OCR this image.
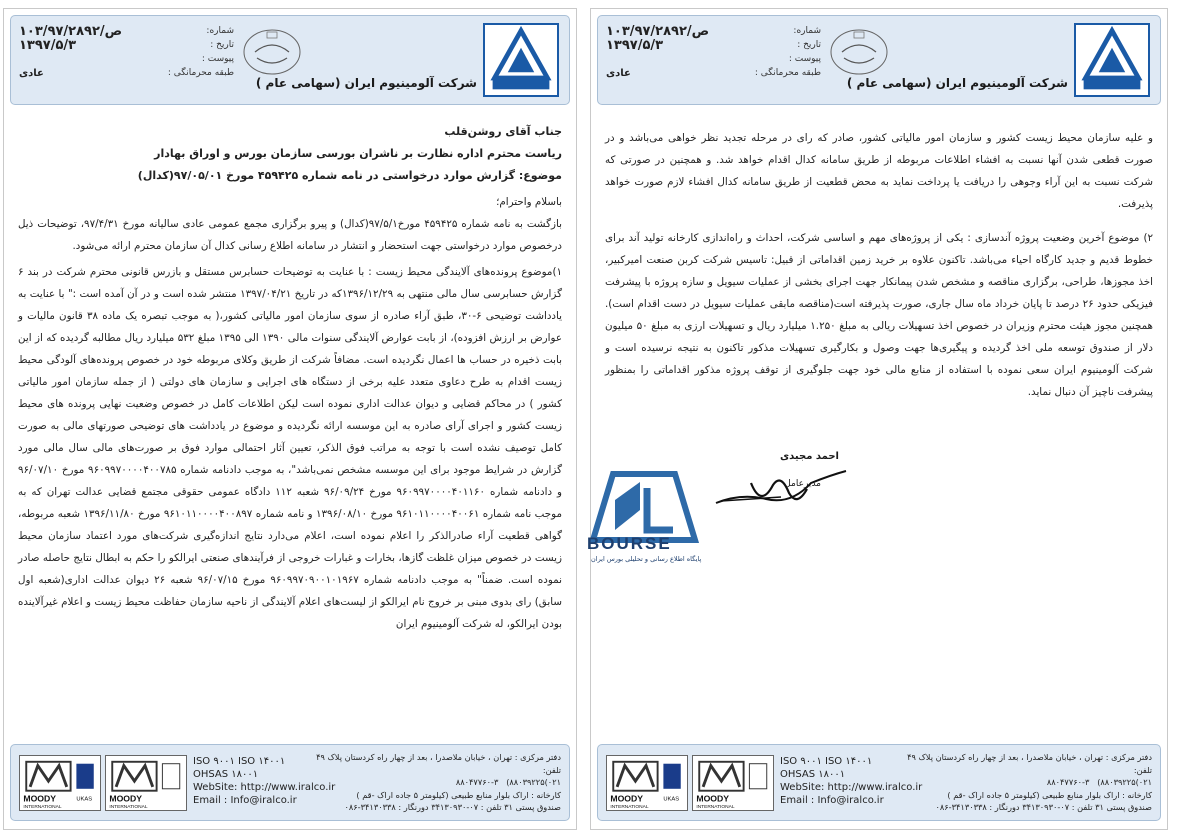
شماره:
۱۰۳/ص/۹۷/۲۸۹۲
تاریخ :
۱۳۹۷/۵/۳
پیوست :
طبقه محرمانگی :
عادی
شرکت آلومینیوم ایران (سهامی عام )

جناب آقای روشن‌قلب

ریاست محترم اداره نظارت بر ناشران بورسی سازمان بورس و اوراق بهادار

موضوع: گزارش موارد درخواستی در نامه شماره ۴۵۹۴۲۵ مورخ ۹۷/۰۵/۰۱(کدال)

باسلام واحترام؛

بازگشت به نامه شماره ۴۵۹۴۲۵ مورخ۹۷/۵/۱(کدال) و پیرو برگزاری مجمع عمومی عادی سالیانه مورخ ۹۷/۴/۳۱، توضیحات ذیل درخصوص موارد درخواستی جهت استحضار و انتشار در سامانه اطلاع رسانی کدال آن سازمان محترم ارائه می‌شود.

۱)موضوع پرونده‌های آلایندگی محیط زیست : با عنایت به توضیحات حسابرس مستقل و بازرس قانونی محترم شرکت در بند ۶ گزارش حسابرسی سال مالی منتهی به ۱۳۹۶/۱۲/۲۹که در تاریخ ۱۳۹۷/۰۴/۲۱ منتشر شده است و در آن آمده است :" با عنایت به یادداشت توضیحی ۶-۳۰، طبق آراء صادره از سوی سازمان امور مالیاتی کشور،( به موجب تبصره یک ماده ۳۸ قانون مالیات و عوارض بر ارزش افزوده)، از بابت عوارض آلایندگی سنوات مالی ۱۳۹۰ الی ۱۳۹۵ مبلغ ۵۳۲ میلیارد ریال مطالبه گردیده که از این بابت ذخیره در حساب ها اعمال نگردیده است. مضافاً شرکت از طریق وکلای مربوطه خود در خصوص پرونده‌های آلودگی محیط زیست اقدام به طرح دعاوی متعدد علیه برخی از دستگاه های اجرایی و سازمان های دولتی ( از جمله سازمان امور مالیاتی کشور ) در محاکم قضایی و دیوان عدالت اداری نموده است لیکن اطلاعات کامل در خصوص وضعیت نهایی پرونده های محیط زیست کشور و اجرای آرای صادره به این موسسه ارائه نگردیده و موضوع در یادداشت های توضیحی صورتهای مالی به صورت کامل توصیف نشده است با توجه به مراتب فوق الذکر، تعیین آثار احتمالی موارد فوق بر صورت‌های مالی سال مالی مورد گزارش در شرایط موجود برای این موسسه مشخص نمی‌باشد"، به موجب دادنامه شماره ۹۶۰۹۹۷۰۰۰۰۴۰۰۷۸۵ مورخ ۹۶/۰۷/۱۰ و دادنامه شماره ۹۶۰۹۹۷۰۰۰۰۴۰۱۱۶۰ مورخ ۹۶/۰۹/۲۴ شعبه ۱۱۲ دادگاه عمومی حقوقی مجتمع قضایی عدالت تهران که به موجب نامه شماره ۹۶۱۰۱۱۰۰۰۰۴۰۰۶۱ مورخ ۱۳۹۶/۰۸/۱۰ و نامه شماره ۹۶۱۰۱۱۰۰۰۰۴۰۰۸۹۷ مورخ ۱۳۹۶/۱۱/۸۰ شعبه مربوطه، گواهی قطعیت آراء صادرالذکر را اعلام نموده است، اعلام می‌دارد نتایج اندازه‌گیری شرکت‌های مورد اعتماد سازمان محیط زیست در خصوص میزان غلظت گازها، بخارات و غبارات خروجی از فرآیندهای صنعتی ایرالکو را حکم به ابطال نتایج حاصله صادر نموده است. ضمناً" به موجب دادنامه شماره ۹۶۰۹۹۷۰۹۰۰۱۰۱۹۶۷ مورخ ۹۶/۰۷/۱۵ شعبه ۲۶ دیوان عدالت اداری(شعبه اول سابق) رای بدوی مبنی بر خروج نام ایرالکو از لیست‌های اعلام آلایندگی از ناحیه سازمان حفاظت محیط زیست و اعلام غیرآلاینده بودن ایرالکو، له شرکت آلومینیوم ایران

MOODY
INTERNATIONAL
UKAS MOODY
INTERNATIONAL
ISO ۹۰۰۱ ISO ۱۴۰۰۱
OHSAS ۱۸۰۰۱
WebSite: http://www.iralco.ir
Email : Info@iralco.ir
دفتر مرکزی : تهران ، خیابان ملاصدرا ، بعد از چهار راه کردستان پلاک ۴۹
تلفن:
۰۲۱)۸۸۰۳۹۲۲۵)   ۸۸۰۴۷۷۶۰-۳
کارخانه : اراک بلوار منابع طبیعی (کیلومتر ۵ جاده اراک -قم )
صندوق پستی ۳۱ تلفن : ۰۷-۳۴۱۳۰۹۳۰ دورنگار : ۳۴۱۳۰۳۳۸-۰۸۶
شماره:
۱۰۳/ص/۹۷/۲۸۹۲
تاریخ :
۱۳۹۷/۵/۳
پیوست :
طبقه محرمانگی :
عادی
شرکت آلومینیوم ایران (سهامی عام )

و علیه سازمان محیط زیست کشور و سازمان امور مالیاتی کشور، صادر که رای در مرحله تجدید نظر خواهی می‌باشد و در صورت قطعی شدن آنها نسبت به افشاء اطلاعات مربوطه از طریق سامانه کدال اقدام خواهد شد. و همچنین در صورتی که شرکت نسبت به این آراء وجوهی را دریافت یا پرداخت نماید به محض قطعیت از طریق سامانه کدال افشاء لازم صورت خواهد پذیرفت.

۲) موضوع آخرین وضعیت پروژه آندسازی : یکی از پروژه‌های مهم و اساسی شرکت، احداث و راه‌اندازی کارخانه تولید آند برای خطوط قدیم و جدید کارگاه احیاء می‌باشد. تاکنون علاوه بر خرید زمین اقداماتی از قبیل: تاسیس شرکت کربن صنعت امیرکبیر، اخذ مجوزها، طراحی، برگزاری مناقصه و مشخص شدن پیمانکار جهت اجرای بخشی از عملیات سیویل و سازه پروژه با پیشرفت فیزیکی حدود ۲۶ درصد تا پایان خرداد ماه سال جاری، صورت پذیرفته است(مناقصه مابقی عملیات سیویل در دست اقدام است). همچنین مجوز هیئت محترم وزیران در خصوص اخذ تسهیلات ریالی به مبلغ ۱.۲۵۰ میلیارد ریال و تسهیلات ارزی به مبلغ ۵۰ میلیون دلار از صندوق توسعه ملی اخذ گردیده و پیگیری‌ها جهت وصول و بکارگیری تسهیلات مذکور تاکنون به نتیجه نرسیده است و شرکت آلومینیوم ایران سعی نموده با استفاده از منابع مالی خود جهت جلوگیری از توقف پروژه مذکور اقداماتی را بمنظور پیشرفت ناچیز آن دنبال نماید.

احمد مجیدی
مدیرعامل
MOODY
INTERNATIONAL
UKAS MOODY
INTERNATIONAL
ISO ۹۰۰۱ ISO ۱۴۰۰۱
OHSAS ۱۸۰۰۱
WebSite: http://www.iralco.ir
Email : Info@iralco.ir
دفتر مرکزی : تهران ، خیابان ملاصدرا ، بعد از چهار راه کردستان پلاک ۴۹
تلفن:
۰۲۱)۸۸۰۳۹۲۲۵)   ۸۸۰۴۷۷۶۰-۳
کارخانه : اراک بلوار منابع طبیعی (کیلومتر ۵ جاده اراک -قم )
صندوق پستی ۳۱ تلفن : ۰۷-۳۴۱۳۰۹۳۰ دورنگار : ۳۴۱۳۰۳۳۸-۰۸۶
BOURSE
پایگاه اطلاع رسانی و تحلیلی بورس ایران
